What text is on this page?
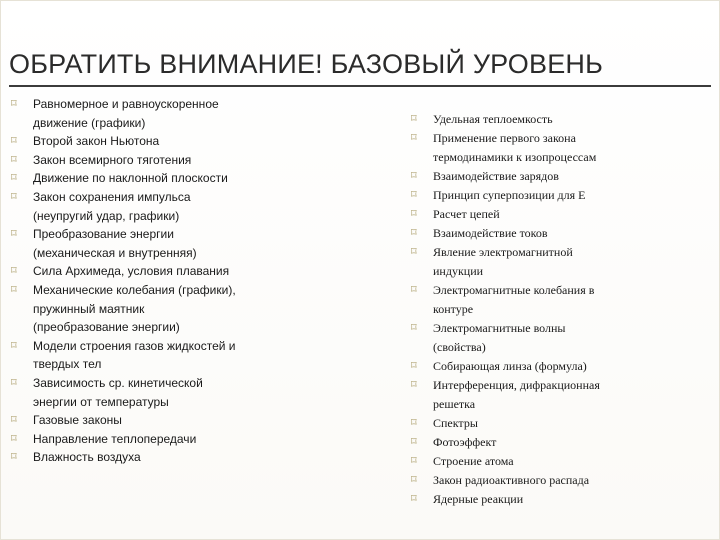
ОБРАТИТЬ ВНИМАНИЕ! БАЗОВЫЙ УРОВЕНЬ
⌑ Равномерное и равноускоренное
движение (графики)
⌑ Второй закон Ньютона
⌑ Закон всемирного тяготения
⌑ Движение по наклонной плоскости
⌑ Закон сохранения импульса
(неупругий удар, графики)
⌑ Преобразование энергии
(механическая и внутренняя)
⌑ Сила Архимеда, условия плавания
⌑ Механические колебания (графики),
пружинный маятник
(преобразование энергии)
⌑ Модели строения газов жидкостей и
твердых тел
⌑ Зависимость ср. кинетической
энергии от температуры
⌑ Газовые законы
⌑ Направление теплопередачи
⌑ Влажность воздуха
⌑ Удельная теплоемкость
⌑ Применение первого закона
термодинамики к изопроцессам
⌑ Взаимодействие зарядов
⌑ Принцип суперпозиции для Е
⌑ Расчет цепей
⌑ Взаимодействие токов
⌑ Явление электромагнитной
индукции
⌑ Электромагнитные колебания в
контуре
⌑ Электромагнитные волны
(свойства)
⌑ Собирающая линза (формула)
⌑ Интерференция, дифракционная
решетка
⌑ Спектры
⌑ Фотоэффект
⌑ Строение атома
⌑ Закон радиоактивного распада
⌑ Ядерные реакции
